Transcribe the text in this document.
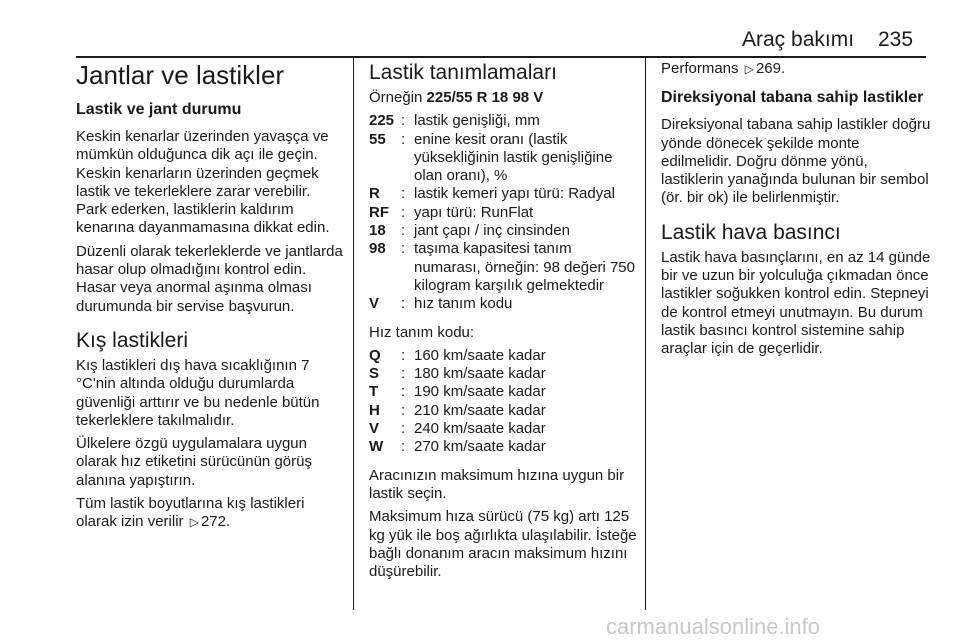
Araç bakımı 235
Jantlar ve lastikler
Lastik ve jant durumu

Keskin kenarlar üzerinden yavaşça ve mümkün olduğunca dik açı ile geçin. Keskin kenarların üzerinden geçmek lastik ve tekerleklere zarar verebilir. Park ederken, lastiklerin kaldırım kenarına dayanmamasına dikkat edin.

Düzenli olarak tekerleklerde ve jantlarda hasar olup olmadığını kontrol edin. Hasar veya anormal aşınma olması durumunda bir servise başvurun.

Kış lastikleri

Kış lastikleri dış hava sıcaklığının 7 °C'nin altında olduğu durumlarda güvenliği arttırır ve bu nedenle bütün tekerleklere takılmalıdır.

Ülkelere özgü uygulamalara uygun olarak hız etiketini sürücünün görüş alanına yapıştırın.

Tüm lastik boyutlarına kış lastikleri olarak izin verilir ▷ 272.

Lastik tanımlamaları

Örneğin 225/55 R 18 98 V

225 : lastik genişliği, mm
55	: enine kesit oranı (lastik yüksekliğinin lastik genişliğine olan oranı), %
R	: lastik kemeri yapı türü: Radyal
RF : yapı türü: RunFlat
18	: jant çapı / inç cinsinden
98	: taşıma kapasitesi tanım numarası, örneğin: 98 değeri 750 kilogram karşılık gelmektedir
V	: hız tanım kodu

Hız tanım kodu:

Q	: 160 km/saate kadar
S	: 180 km/saate kadar
T	: 190 km/saate kadar
H	: 210 km/saate kadar
V	: 240 km/saate kadar
W	: 270 km/saate kadar

Aracınızın maksimum hızına uygun bir lastik seçin.

Maksimum hıza sürücü (75 kg) artı 125 kg yük ile boş ağırlıkta ulaşılabilir. İsteğe bağlı donanım aracın maksimum hızını düşürebilir.

Performans ▷ 269.

Direksiyonal tabana sahip lastikler

Direksiyonal tabana sahip lastikler doğru yönde dönecek şekilde monte edilmelidir. Doğru dönme yönü, lastiklerin yanağında bulunan bir sembol (ör. bir ok) ile belirlenmiştir.

Lastik hava basıncı

Lastik hava basınçlarını, en az 14 günde bir ve uzun bir yolculuğa çıkmadan önce lastikler soğukken kontrol edin. Stepneyi de kontrol etmeyi unutmayın. Bu durum lastik basıncı kontrol sistemine sahip araçlar için de geçerlidir.

carmanualsonline.info
